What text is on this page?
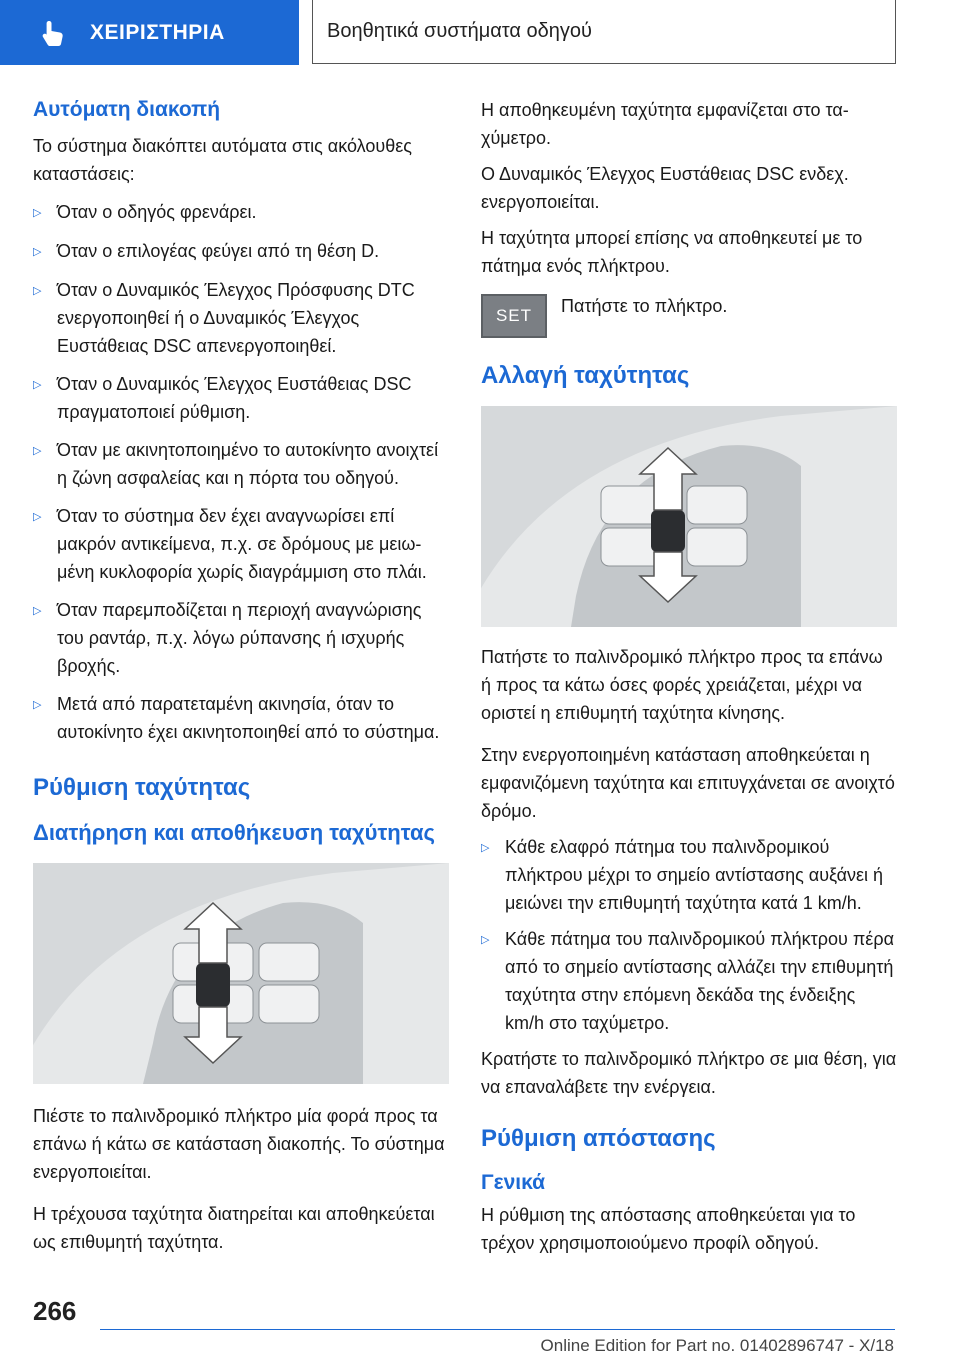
ΧΕΙΡΙΣΤΗΡΙΑ	Βοηθητικά συστήματα οδηγού
Αυτόματη διακοπή

Το σύστημα διακόπτει αυτόματα στις ακόλουθες καταστάσεις:

▷ Όταν ο οδηγός φρενάρει.
▷ Όταν ο επιλογέας φεύγει από τη θέση D.
▷ Όταν ο Δυναμικός Έλεγχος Πρόσφυσης DTC ενεργοποιηθεί ή ο Δυναμικός Έλεγχος Ευστάθειας DSC απενεργοποιηθεί.
▷ Όταν ο Δυναμικός Έλεγχος Ευστάθειας DSC πραγματοποιεί ρύθμιση.
▷ Όταν με ακινητοποιημένο το αυτοκίνητο ανοιχτεί η ζώνη ασφαλείας και η πόρτα του οδηγού.
▷ Όταν το σύστημα δεν έχει αναγνωρίσει επί μακρόν αντικείμενα, π.χ. σε δρόμους με μειωμένη κυκλοφορία χωρίς διαγράμμιση στο πλάι.
▷ Όταν παρεμποδίζεται η περιοχή αναγνώρισης του ραντάρ, π.χ. λόγω ρύπανσης ή ισχυρής βροχής.
▷ Μετά από παρατεταμένη ακινησία, όταν το αυτοκίνητο έχει ακινητοποιηθεί από το σύστημα.
Ρύθμιση ταχύτητας
Διατήρηση και αποθήκευση ταχύτητας

Πιέστε το παλινδρομικό πλήκτρο μία φορά προς τα επάνω ή κάτω σε κατάσταση διακοπής. Το σύστημα ενεργοποιείται.

Η τρέχουσα ταχύτητα διατηρείται και αποθηκεύεται ως επιθυμητή ταχύτητα.

Η αποθηκευμένη ταχύτητα εμφανίζεται στο ταχύμετρο.

Ο Δυναμικός Έλεγχος Ευστάθειας DSC ενδεχ. ενεργοποιείται.

Η ταχύτητα μπορεί επίσης να αποθηκευτεί με το πάτημα ενός πλήκτρου.

SET	Πατήστε το πλήκτρο.
Αλλαγή ταχύτητας

Πατήστε το παλινδρομικό πλήκτρο προς τα επάνω ή προς τα κάτω όσες φορές χρειάζεται, μέχρι να οριστεί η επιθυμητή ταχύτητα κίνησης.

Στην ενεργοποιημένη κατάσταση αποθηκεύεται η εμφανιζόμενη ταχύτητα και επιτυγχάνεται σε ανοιχτό δρόμο.

▷ Κάθε ελαφρό πάτημα του παλινδρομικού πλήκτρου μέχρι το σημείο αντίστασης αυξάνει ή μειώνει την επιθυμητή ταχύτητα κατά 1 km/h.
▷ Κάθε πάτημα του παλινδρομικού πλήκτρου πέρα από το σημείο αντίστασης αλλάζει την επιθυμητή ταχύτητα στην επόμενη δεκάδα της ένδειξης km/h στο ταχύμετρο.

Κρατήστε το παλινδρομικό πλήκτρο σε μια θέση, για να επαναλάβετε την ενέργεια.

Ρύθμιση απόστασης
Γενικά

Η ρύθμιση της απόστασης αποθηκεύεται για το τρέχον χρησιμοποιούμενο προφίλ οδηγού.

266
Online Edition for Part no. 01402896747 - X/18
